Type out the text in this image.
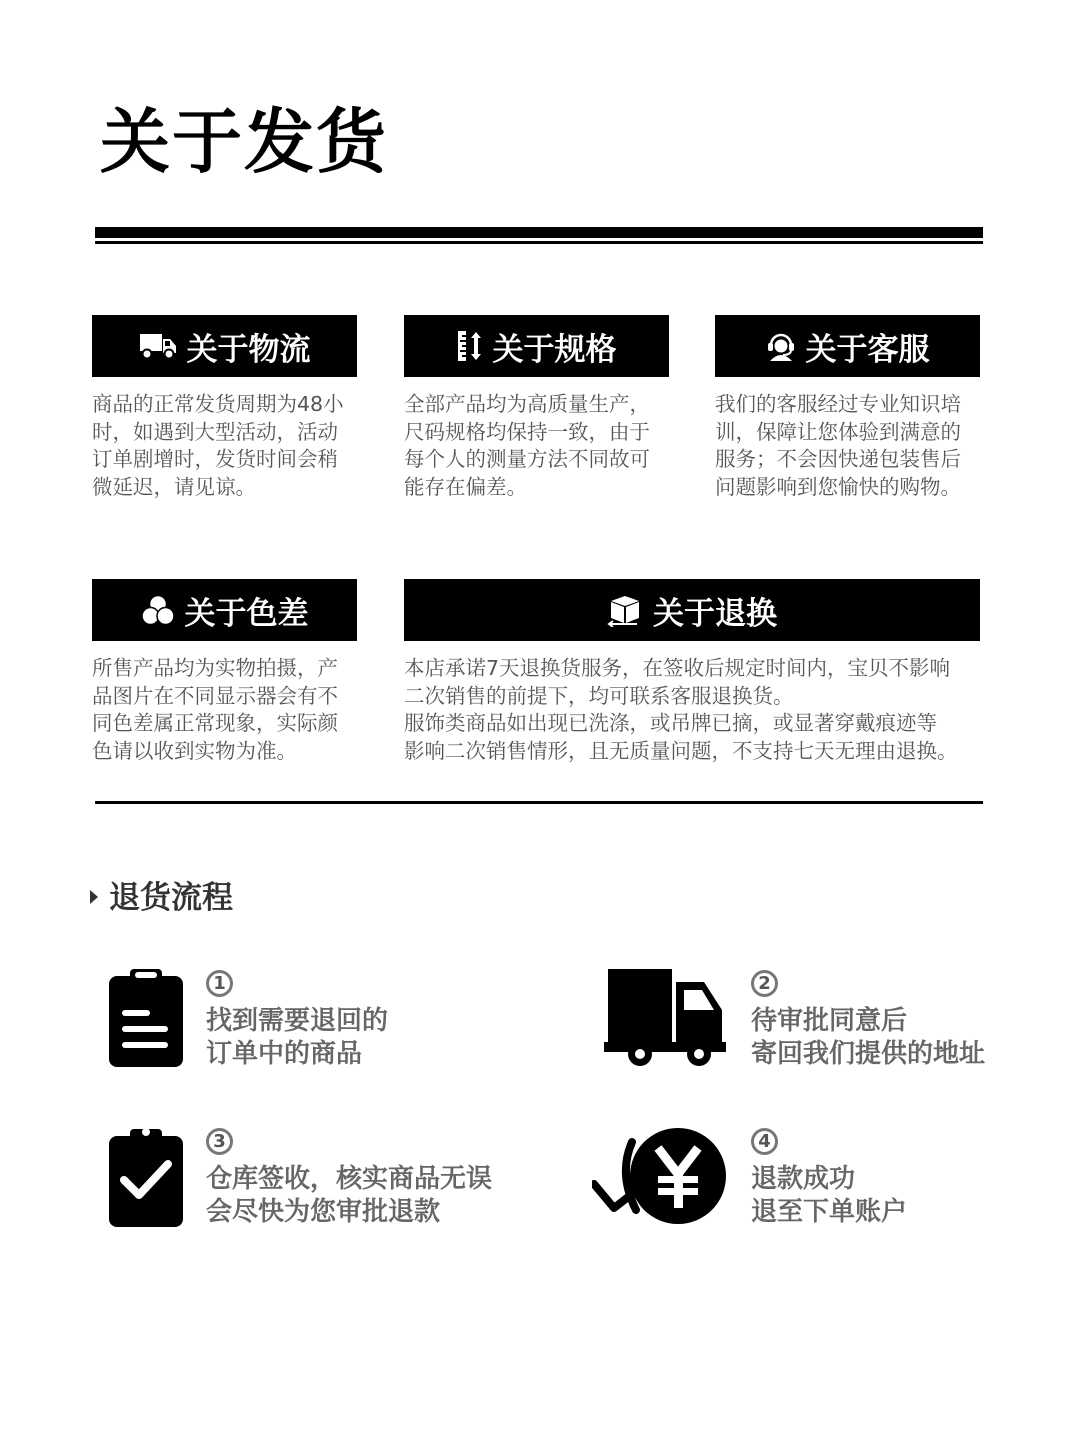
关于发货
关于物流
商品的正常发货周期为48小
时，如遇到大型活动，活动
订单剧增时，发货时间会稍
微延迟，请见谅。
关于规格
全部产品均为高质量生产，
尺码规格均保持一致，由于
每个人的测量方法不同故可
能存在偏差。
关于客服
我们的客服经过专业知识培
训，保障让您体验到满意的
服务；不会因快递包装售后
问题影响到您愉快的购物。
关于色差
所售产品均为实物拍摄，产
品图片在不同显示器会有不
同色差属正常现象，实际颜
色请以收到实物为准。
关于退换
本店承诺7天退换货服务，在签收后规定时间内，宝贝不影响
二次销售的前提下，均可联系客服退换货。
服饰类商品如出现已洗涤，或吊牌已摘，或显著穿戴痕迹等
影响二次销售情形，且无质量问题，不支持七天无理由退换。
退货流程
1
找到需要退回的
订单中的商品
2
待审批同意后
寄回我们提供的地址
3
仓库签收，核实商品无误
会尽快为您审批退款
4
退款成功
退至下单账户
